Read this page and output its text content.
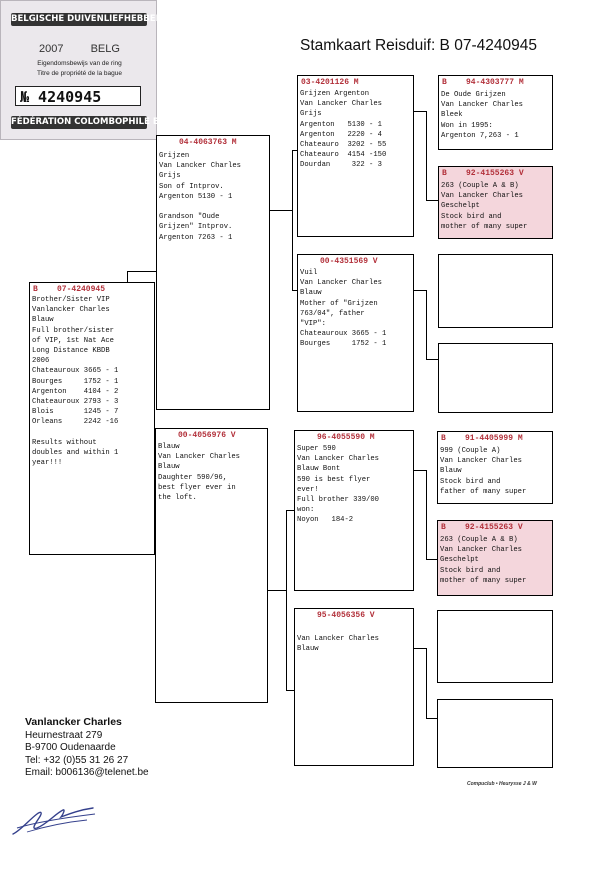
BELGISCHE DUIVENLIEFHEBBERSBOND
2007 BELG
Eigendomsbewijs van de ring
Titre de propriété de la bague
№ 4240945
FÉDÉRATION COLOMBOPHILE BELGE
Stamkaart Reisduif: B 07-4240945
B    07-4240945
Brother/Sister VIP
Vanlancker Charles
Blauw
Full brother/sister
of VIP, 1st Nat Ace
Long Distance KBDB
2006
Chateauroux 3665 - 1
Bourges     1752 - 1
Argenton    4104 - 2
Chateauroux 2793 - 3
Blois       1245 - 7
Orleans     2242 -16
Results without
doubles and within 1
year!!!
04-4063763 M
Grijzen
Van Lancker Charles
Grijs
Son of Intprov.
Argenton 5130 - 1
Grandson "Oude
Grijzen" Intprov.
Argenton 7263 - 1
00-4056976 V
Blauw
Van Lancker Charles
Blauw
Daughter 590/96,
best flyer ever in
the loft.
03-4201126 M
Grijzen Argenton
Van Lancker Charles
Grijs
Argenton   5130 - 1
Argenton   2220 - 4
Chateauro  3202 - 55
Chateauro  4154 -150
Dourdan     322 - 3
00-4351569 V
Vuil
Van Lancker Charles
Blauw
Mother of "Grijzen
763/04", father
"VIP":
Chateauroux 3665 - 1
Bourges     1752 - 1
96-4055590 M
Super 590
Van Lancker Charles
Blauw Bont
590 is best flyer
ever!
Full brother 339/00
won:
Noyon   184-2
95-4056356 V
Van Lancker Charles
Blauw
B    94-4303777 M
De Oude Grijzen
Van Lancker Charles
Bleek
Won in 1995:
Argenton 7,263 - 1
B    92-4155263 V
263 (Couple A & B)
Van Lancker Charles
Geschelpt
Stock bird and
mother of many super
B    91-4405999 M
999 (Couple A)
Van Lancker Charles
Blauw
Stock bird and
father of many super
B    92-4155263 V
263 (Couple A & B)
Van Lancker Charles
Geschelpt
Stock bird and
mother of many super
Vanlancker Charles
Heurnestraat 279
B-9700 Oudenaarde
Tel: +32 (0)55 31 26 27
Email: b006136@telenet.be
Compuclub • Heurysse J & W
